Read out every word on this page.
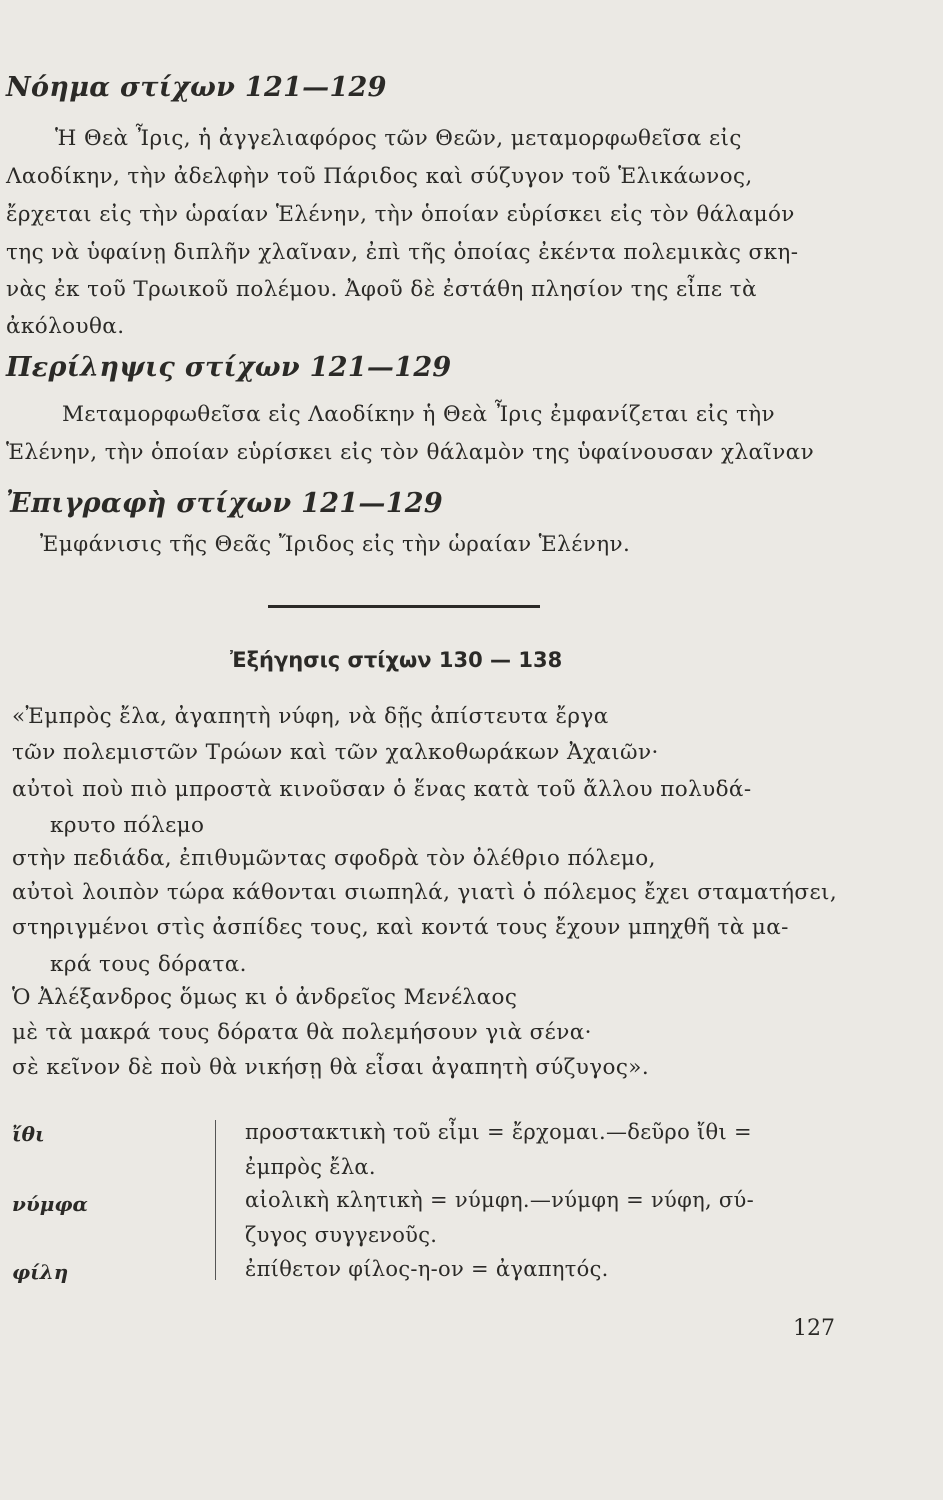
Νόημα στίχων 121—129
Ἡ Θεὰ Ἶρις, ἡ ἀγγελιαφόρος τῶν Θεῶν, μεταμορφωθεῖσα εἰς
Λαοδίκην, τὴν ἀδελφὴν τοῦ Πάριδος καὶ σύζυγον τοῦ Ἑλικάωνος,
ἔρχεται εἰς τὴν ὡραίαν Ἑλένην, τὴν ὁποίαν εὑρίσκει εἰς τὸν θάλαμόν
της νὰ ὑφαίνῃ διπλῆν χλαῖναν, ἐπὶ τῆς ὁποίας ἐκέντα πολεμικὰς σκη-
νὰς ἐκ τοῦ Τρωικοῦ πολέμου. Ἀφοῦ δὲ ἐστάθη πλησίον της εἶπε τὰ
ἀκόλουθα.
Περίληψις στίχων 121—129
Μεταμορφωθεῖσα εἰς Λαοδίκην ἡ Θεὰ Ἶρις ἐμφανίζεται εἰς τὴν
Ἑλένην, τὴν ὁποίαν εὑρίσκει εἰς τὸν θάλαμὸν της ὑφαίνουσαν χλαῖναν
Ἐπιγραφὴ στίχων 121—129
Ἐμφάνισις τῆς Θεᾶς Ἴριδος εἰς τὴν ὡραίαν Ἑλένην.
Ἐξήγησις στίχων 130 — 138
«Ἐμπρὸς ἔλα, ἀγαπητὴ νύφη, νὰ δῇς ἀπίστευτα ἔργα
τῶν πολεμιστῶν Τρώων καὶ τῶν χαλκοθωράκων Ἀχαιῶν·
αὐτοὶ ποὺ πιὸ μπροστὰ κινοῦσαν ὁ ἕνας κατὰ τοῦ ἄλλου πολυδά-
κρυτο πόλεμο
στὴν πεδιάδα, ἐπιθυμῶντας σφοδρὰ τὸν ὀλέθριο πόλεμο,
αὐτοὶ λοιπὸν τώρα κάθονται σιωπηλά, γιατὶ ὁ πόλεμος ἔχει σταματήσει,
στηριγμένοι στὶς ἀσπίδες τους, καὶ κοντά τους ἔχουν μπηχθῆ τὰ μα-
κρά τους δόρατα.
Ὁ Ἀλέξανδρος ὅμως κι ὁ ἀνδρεῖος Μενέλαος
μὲ τὰ μακρά τους δόρατα θὰ πολεμήσουν γιὰ σένα·
σὲ κεῖνον δὲ ποὺ θὰ νικήσῃ θὰ εἶσαι ἀγαπητὴ σύζυγος».
ἴθι
νύμφα
φίλη
προστακτικὴ τοῦ εἶμι = ἔρχομαι.—δεῦρο ἴθι =
ἐμπρὸς ἔλα.
αἰολικὴ κλητικὴ = νύμφη.—νύμφη = νύφη, σύ-
ζυγος συγγενοῦς.
ἐπίθετον φίλος-η-ον = ἀγαπητός.
127
